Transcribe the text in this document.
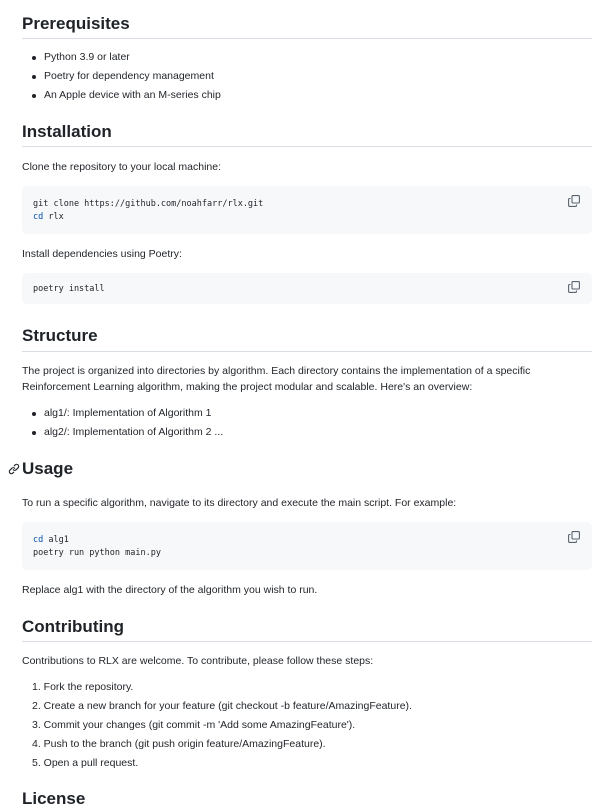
Prerequisites
Python 3.9 or later
Poetry for dependency management
An Apple device with an M-series chip
Installation

Clone the repository to your local machine:

git clone https://github.com/noahfarr/rlx.git
cd rlx

Install dependencies using Poetry:

poetry install
Structure

The project is organized into directories by algorithm. Each directory contains the implementation of a specific
Reinforcement Learning algorithm, making the project modular and scalable. Here's an overview:

alg1/: Implementation of Algorithm 1
alg2/: Implementation of Algorithm 2 ...
Usage

To run a specific algorithm, navigate to its directory and execute the main script. For example:

cd alg1
poetry run python main.py

Replace alg1 with the directory of the algorithm you wish to run.

Contributing

Contributions to RLX are welcome. To contribute, please follow these steps:

1. Fork the repository.
2. Create a new branch for your feature (git checkout -b feature/AmazingFeature).
3. Commit your changes (git commit -m 'Add some AmazingFeature').
4. Push to the branch (git push origin feature/AmazingFeature).
5. Open a pull request.
License
